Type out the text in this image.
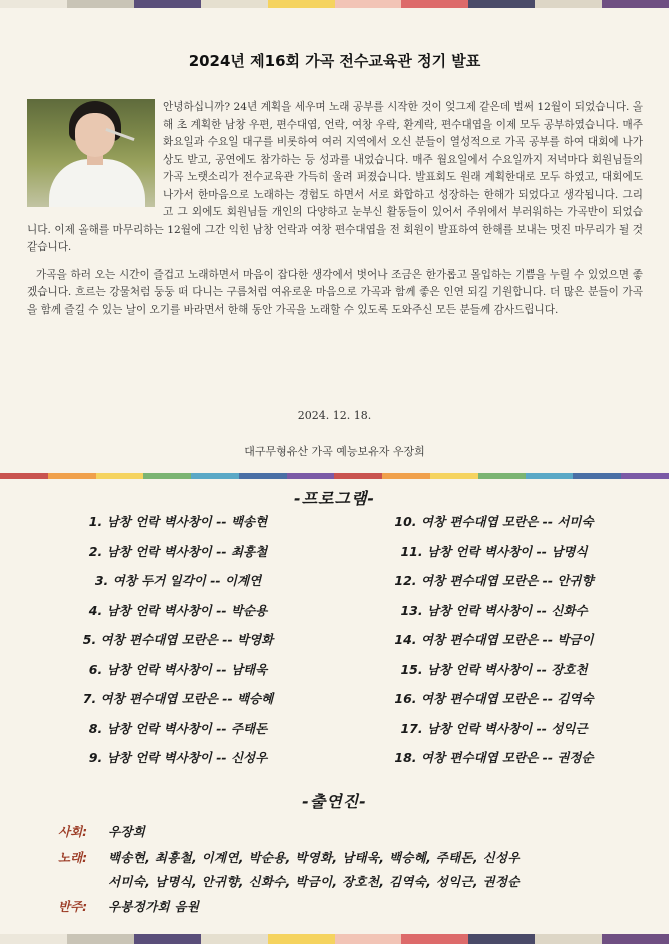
2024년 제16회 가곡 전수교육관 정기 발표

안녕하십니까? 24년 계획을 세우며 노래 공부를 시작한 것이 엊그제 같은데 벌써 12월이 되었습니다. 올해 초 계획한 남창 우편, 편수대엽, 언락, 여창 우락, 환계락, 편수대엽을 이제 모두 공부하였습니다. 매주 화요일과 수요일 대구를 비롯하여 여러 지역에서 오신 분들이 열성적으로 가곡 공부를 하여 대회에 나가 상도 받고, 공연에도 참가하는 등 성과를 내었습니다. 매주 월요일에서 수요일까지 저녁마다 회원님들의 가곡 노랫소리가 전수교육관 가득히 울려 퍼졌습니다. 발표회도 원래 계획한대로 모두 하였고, 대회에도 나가서 한마음으로 노래하는 경험도 하면서 서로 화합하고 성장하는 한해가 되었다고 생각됩니다. 그리고 그 외에도 회원님들 개인의 다양하고 눈부신 활동들이 있어서 주위에서 부러워하는 가곡반이 되었습니다. 이제 올해를 마무리하는 12월에 그간 익힌 남창 언락과 여창 편수대엽을 전 회원이 발표하여 한해를 보내는 멋진 마무리가 될 것 같습니다.

가곡을 하러 오는 시간이 즐겁고 노래하면서 마음이 잡다한 생각에서 벗어나 조금은 한가롭고 몰입하는 기쁨을 누릴 수 있었으면 좋겠습니다. 흐르는 강물처럼 둥둥 떠 다니는 구름처럼 여유로운 마음으로 가곡과 함께 좋은 인연 되길 기원합니다. 더 많은 분들이 가곡을 함께 즐길 수 있는 날이 오기를 바라면서 한해 동안 가곡을 노래할 수 있도록 도와주신 모든 분들께 감사드립니다.

2024. 12. 18.
대구무형유산 가곡 예능보유자 우장희
-프로그램-
1. 남창 언락 벽사창이 -- 백송현
2. 남창 언락 벽사창이 -- 최흥철
3. 여창 두거 일각이 -- 이계연
4. 남창 언락 벽사창이 -- 박순용
5. 여창 편수대엽 모란은 -- 박영화
6. 남창 언락 벽사창이 -- 남태욱
7. 여창 편수대엽 모란은 -- 백승혜
8. 남창 언락 벽사창이 -- 주태돈
9. 남창 언락 벽사창이 -- 신성우
10. 여창 편수대엽 모란은 -- 서미숙
11. 남창 언락 벽사창이 -- 남명식
12. 여창 편수대엽 모란은 -- 안귀향
13. 남창 언락 벽사창이 -- 신화수
14. 여창 편수대엽 모란은 -- 박금이
15. 남창 언락 벽사창이 -- 장호천
16. 여창 편수대엽 모란은 -- 김역숙
17. 남창 언락 벽사창이 -- 성익근
18. 여창 편수대엽 모란은 -- 권정순
-출연진-
사회: 우장희
노래: 백송현, 최흥철, 이계연, 박순용, 박영화, 남태욱, 백승혜, 주태돈, 신성우
서미숙, 남명식, 안귀향, 신화수, 박금이, 장호천, 김역숙, 성익근, 권정순
반주: 우봉정가회 음원
